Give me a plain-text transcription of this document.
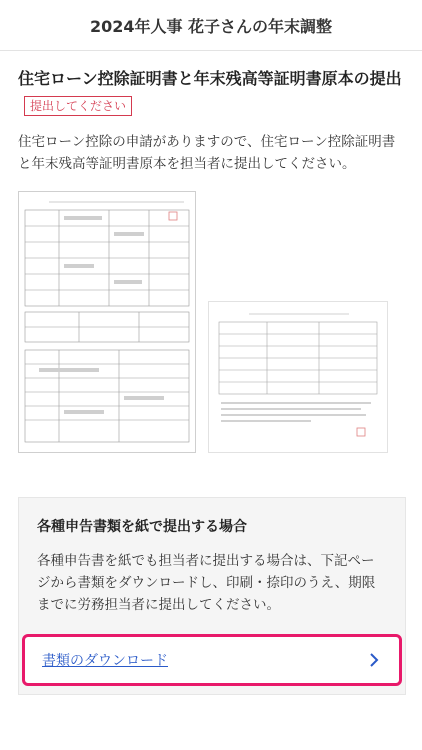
2024年人事 花子さんの年末調整
住宅ローン控除証明書と年末残高等証明書原本の提出提出してください
住宅ローン控除の申請がありますので、住宅ローン控除証明書と年末残高等証明書原本を担当者に提出してください。
各種申告書類を紙で提出する場合

各種申告書を紙でも担当者に提出する場合は、下記ページから書類をダウンロードし、印刷・捺印のうえ、期限までに労務担当者に提出してください。

書類のダウンロード
